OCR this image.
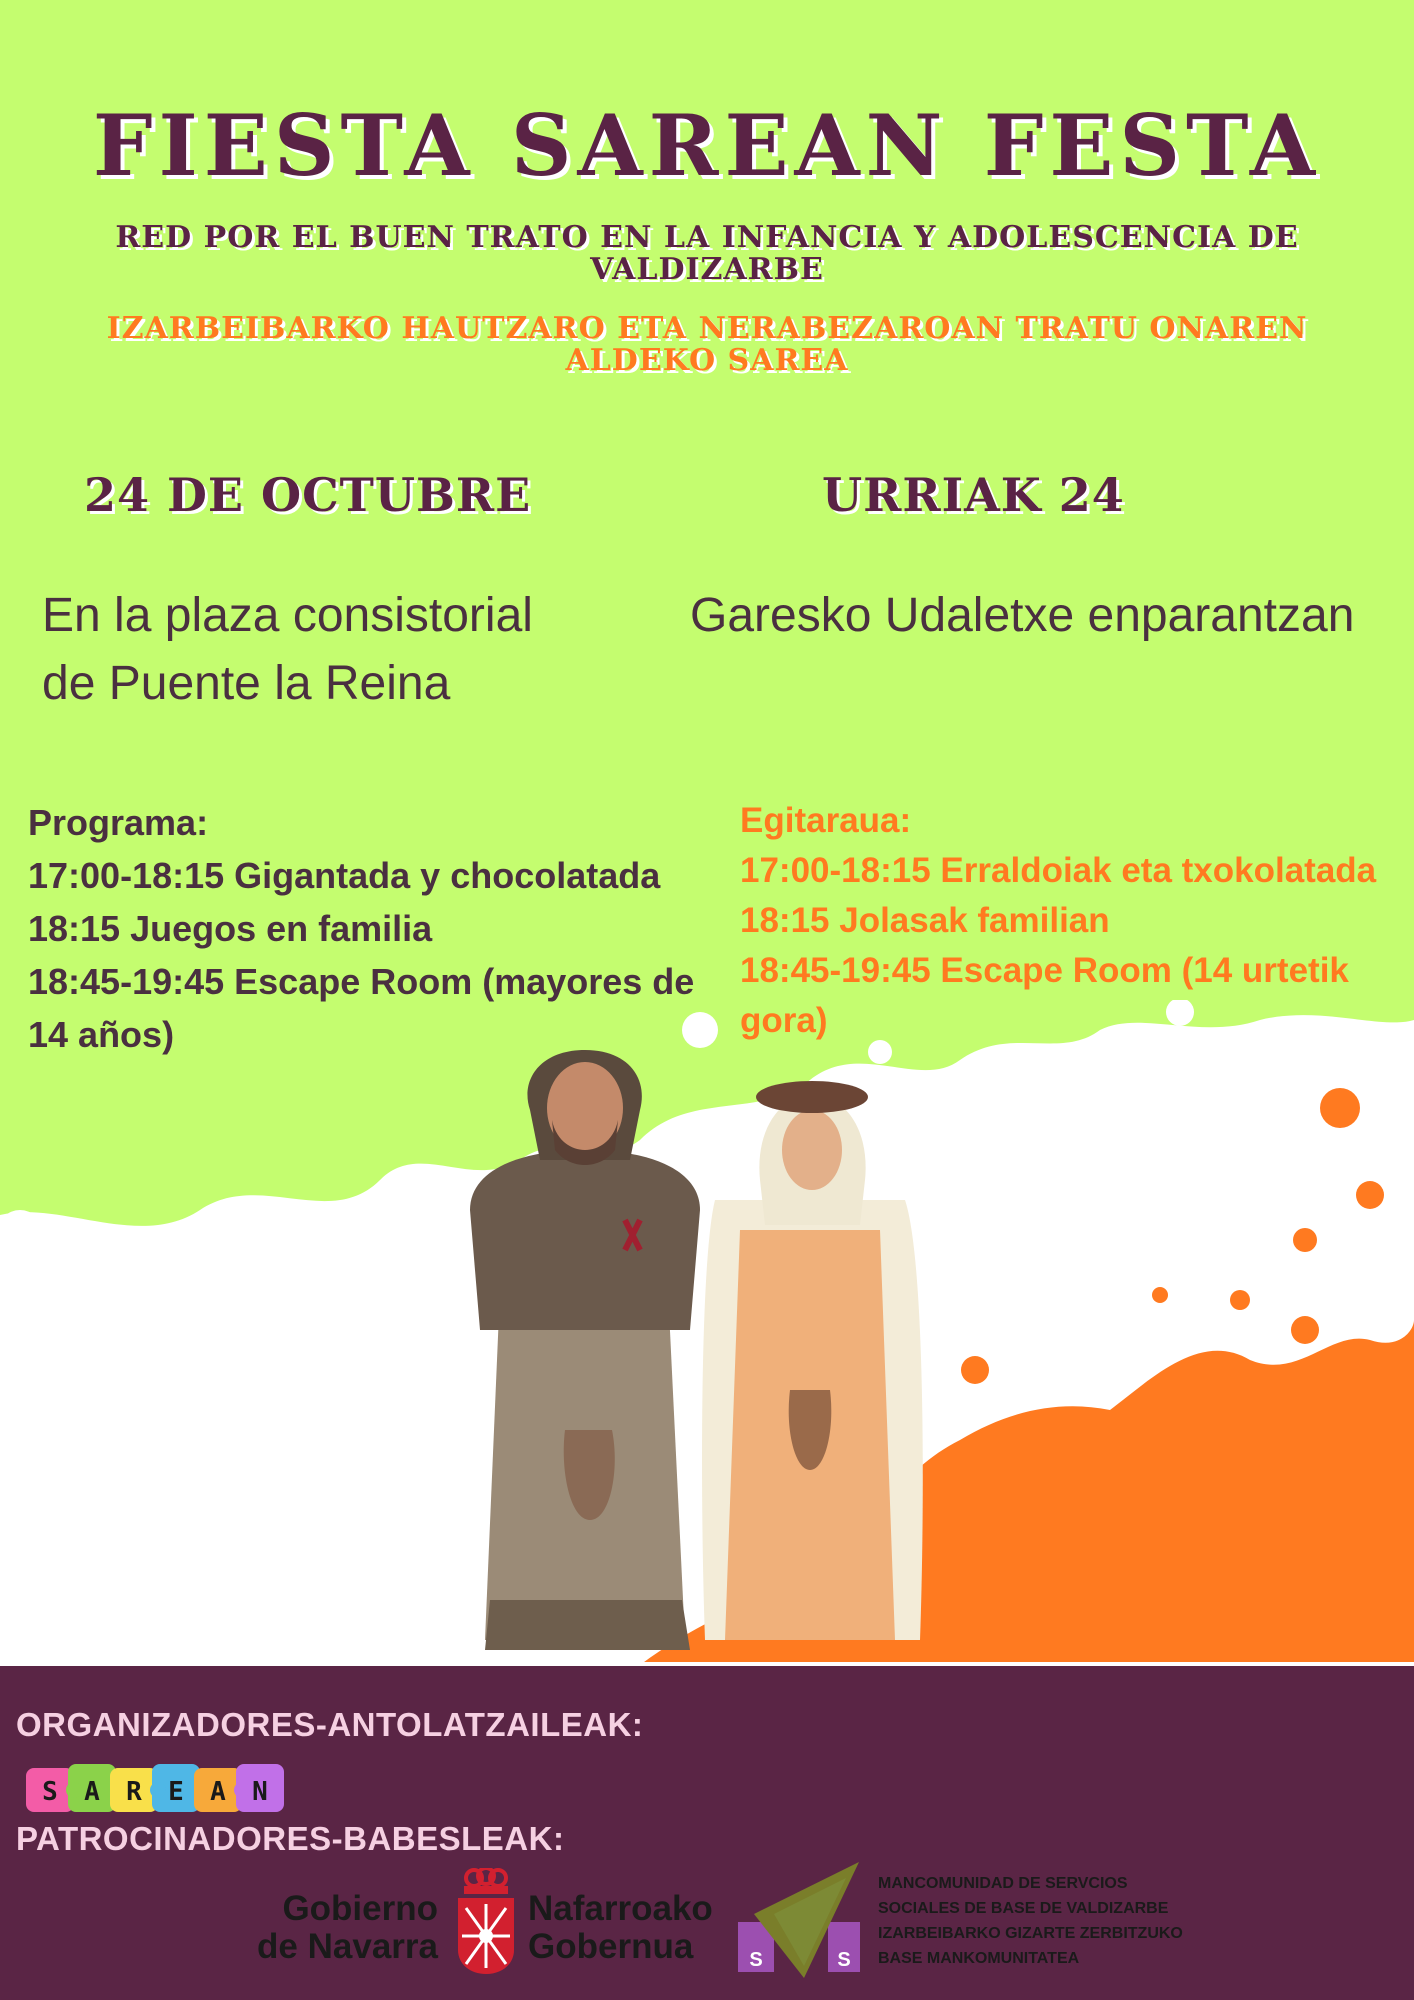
FIESTA SAREAN FESTA

RED POR EL BUEN TRATO EN LA INFANCIA Y ADOLESCENCIA DE VALDIZARBE

IZARBEIBARKO HAUTZARO ETA NERABEZAROAN TRATU ONAREN ALDEKO SAREA

24 DE OCTUBRE	URRIAK 24

En la plaza consistorial
de Puente la Reina
Garesko Udaletxe enparantzan
Programa:
17:00-18:15 Gigantada y chocolatada
18:15 Juegos en familia
18:45-19:45 Escape Room (mayores de 14 años)
Egitaraua:
17:00-18:15 Erraldoiak eta txokolatada
18:15 Jolasak familian
18:45-19:45 Escape Room (14 urtetik gora)

ORGANIZADORES-ANTOLATZAILEAK:

S A R E A N

PATROCINADORES-BABESLEAK:

Gobierno
de Navarra
Nafarroako
Gobernua	S	S
MANCOMUNIDAD DE SERVCIOS
SOCIALES DE BASE DE VALDIZARBE
IZARBEIBARKO GIZARTE ZERBITZUKO
BASE MANKOMUNITATEA
